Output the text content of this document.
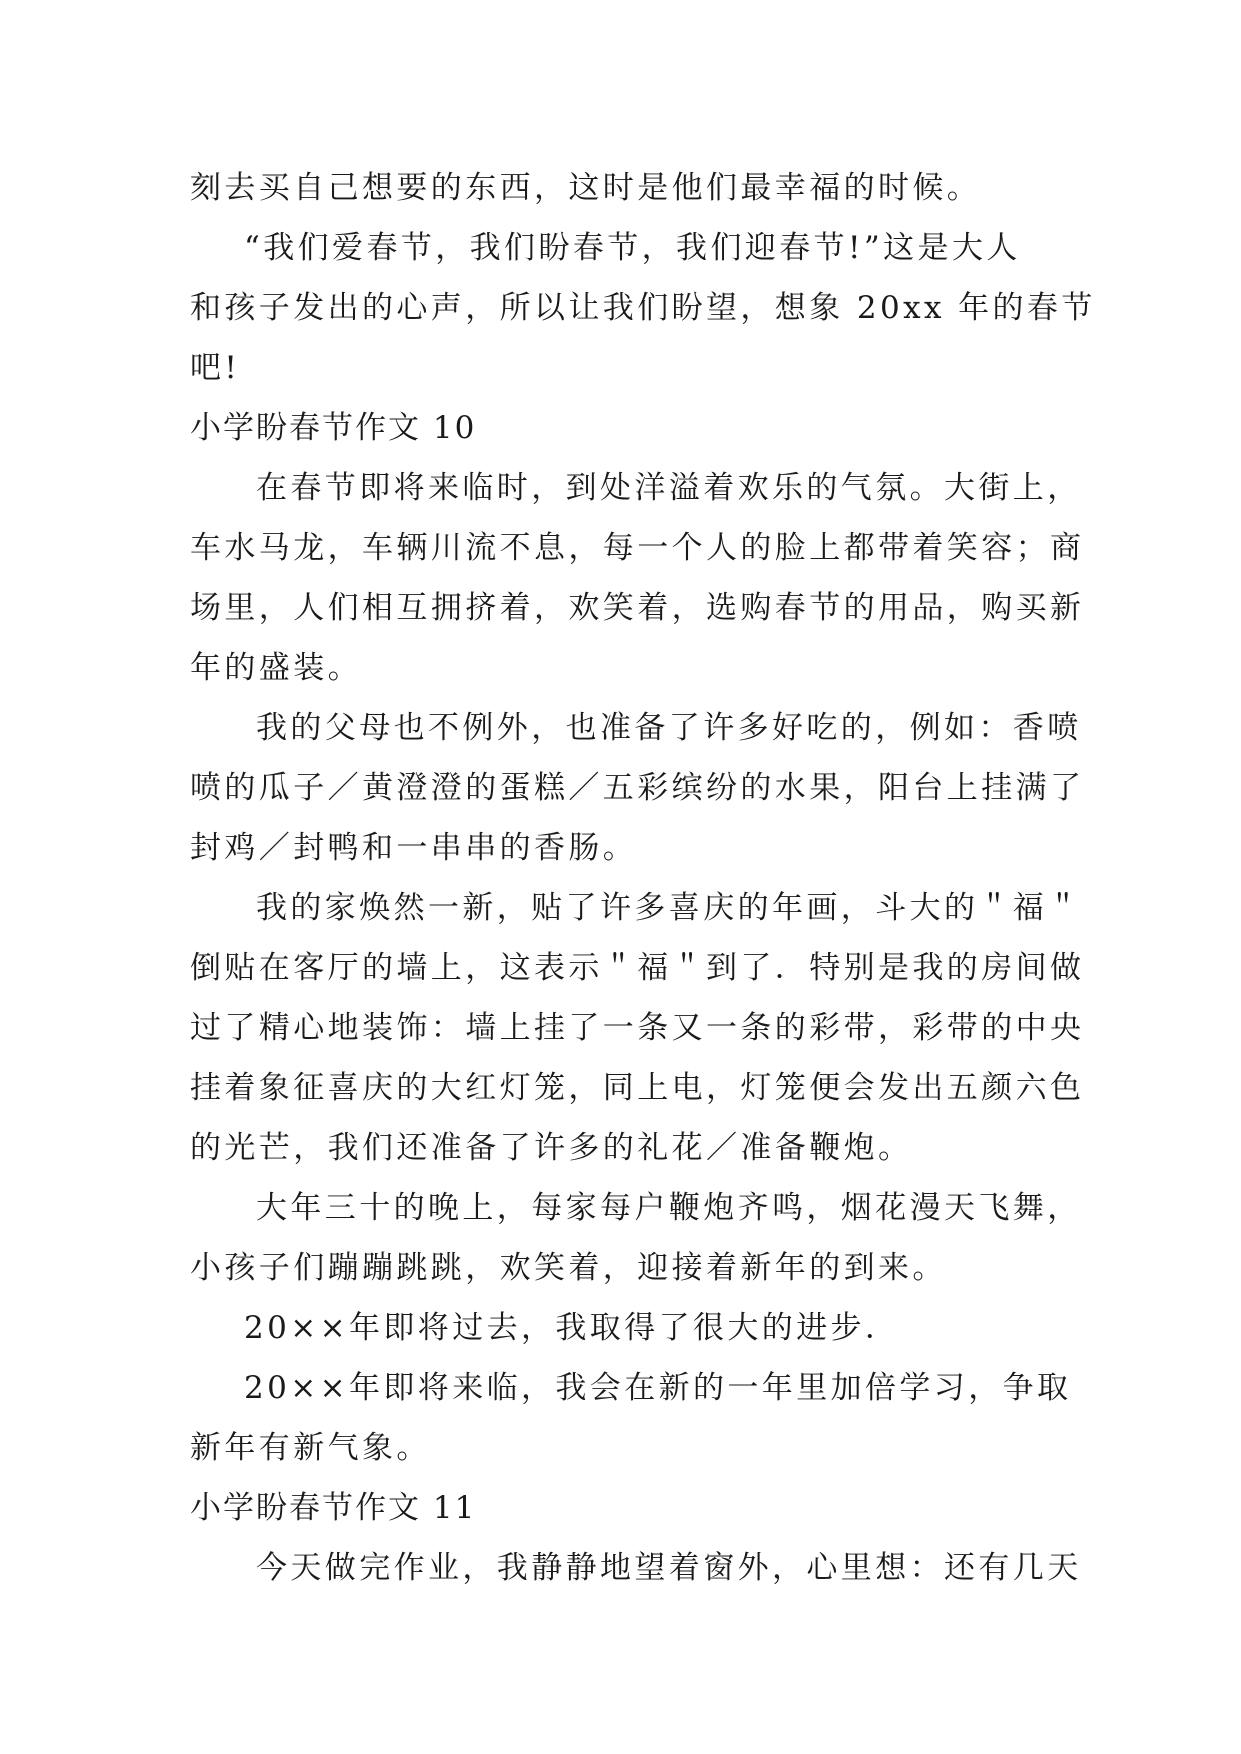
刻去买自己想要的东西，这时是他们最幸福的时候。
“我们爱春节，我们盼春节，我们迎春节!”这是大人
和孩子发出的心声，所以让我们盼望，想象 20xx 年的春节
吧!
小学盼春节作文 10
在春节即将来临时，到处洋溢着欢乐的气氛。大街上，
车水马龙，车辆川流不息，每一个人的脸上都带着笑容；商
场里，人们相互拥挤着，欢笑着，选购春节的用品，购买新
年的盛装。
我的父母也不例外，也准备了许多好吃的，例如：香喷
喷的瓜子／黄澄澄的蛋糕／五彩缤纷的水果，阳台上挂满了
封鸡／封鸭和一串串的香肠。
我的家焕然一新，贴了许多喜庆的年画，斗大的＂福＂
倒贴在客厅的墙上，这表示＂福＂到了．特别是我的房间做
过了精心地装饰：墙上挂了一条又一条的彩带，彩带的中央
挂着象征喜庆的大红灯笼，同上电，灯笼便会发出五颜六色
的光芒，我们还准备了许多的礼花／准备鞭炮。
大年三十的晚上，每家每户鞭炮齐鸣，烟花漫天飞舞，
小孩子们蹦蹦跳跳，欢笑着，迎接着新年的到来。
20××年即将过去，我取得了很大的进步．
20××年即将来临，我会在新的一年里加倍学习，争取
新年有新气象。
小学盼春节作文 11
今天做完作业，我静静地望着窗外，心里想：还有几天
